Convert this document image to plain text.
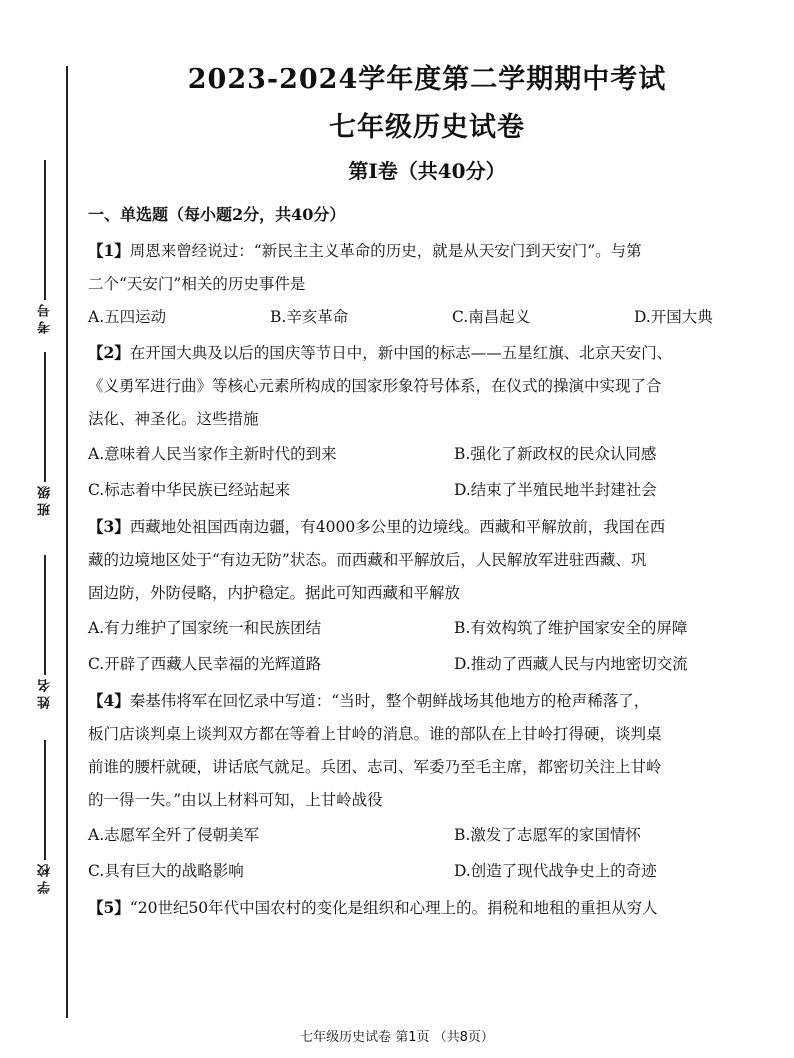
考号
班级
姓名
学校
2023-2024学年度第二学期期中考试
七年级历史试卷
第Ⅰ卷（共40分）
一、单选题（每小题2分，共40分）
【1】周恩来曾经说过：“新民主主义革命的历史，就是从天安门到天安门”。与第
二个“天安门”相关的历史事件是
A.五四运动	B.辛亥革命	C.南昌起义	D.开国大典
【2】在开国大典及以后的国庆等节日中，新中国的标志——五星红旗、北京天安门、
《义勇军进行曲》等核心元素所构成的国家形象符号体系，在仪式的操演中实现了合
法化、神圣化。这些措施
A.意味着人民当家作主新时代的到来	B.强化了新政权的民众认同感
C.标志着中华民族已经站起来	D.结束了半殖民地半封建社会
【3】西藏地处祖国西南边疆，有4000多公里的边境线。西藏和平解放前，我国在西
藏的边境地区处于“有边无防”状态。而西藏和平解放后，人民解放军进驻西藏、巩
固边防，外防侵略，内护稳定。据此可知西藏和平解放
A.有力维护了国家统一和民族团结	B.有效构筑了维护国家安全的屏障
C.开辟了西藏人民幸福的光辉道路	D.推动了西藏人民与内地密切交流
【4】秦基伟将军在回忆录中写道：“当时，整个朝鲜战场其他地方的枪声稀落了，
板门店谈判桌上谈判双方都在等着上甘岭的消息。谁的部队在上甘岭打得硬，谈判桌
前谁的腰杆就硬，讲话底气就足。兵团、志司、军委乃至毛主席，都密切关注上甘岭
的一得一失。”由以上材料可知，上甘岭战役
A.志愿军全歼了侵朝美军	B.激发了志愿军的家国情怀
C.具有巨大的战略影响	D.创造了现代战争史上的奇迹
【5】“20世纪50年代中国农村的变化是组织和心理上的。捐税和地租的重担从穷人
七年级历史试卷 第1页 （共8页）
